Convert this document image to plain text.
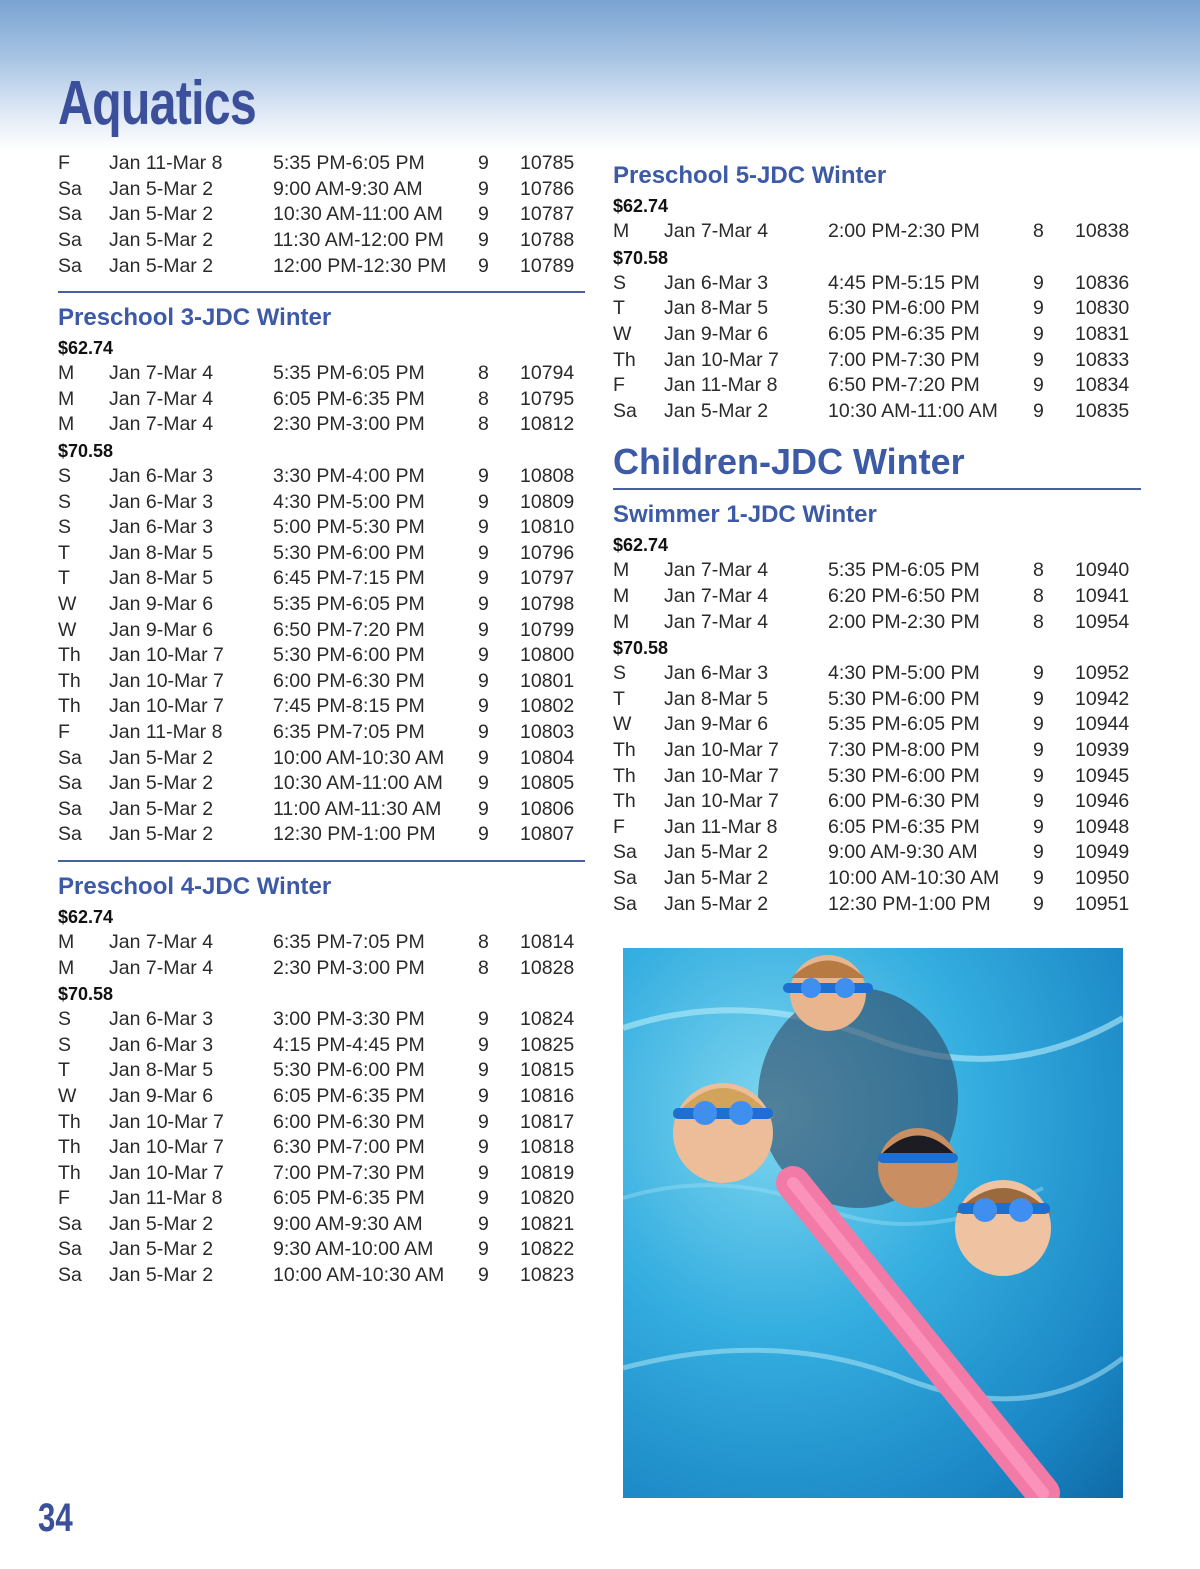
Aquatics
F	Jan 11-Mar 8	5:35 PM-6:05 PM	9	10785
Sa	Jan 5-Mar 2	9:00 AM-9:30 AM	9	10786
Sa	Jan 5-Mar 2	10:30 AM-11:00 AM	9	10787
Sa	Jan 5-Mar 2	11:30 AM-12:00 PM	9	10788
Sa	Jan 5-Mar 2	12:00 PM-12:30 PM	9	10789
Preschool 3-JDC Winter
$62.74
M	Jan 7-Mar 4	5:35 PM-6:05 PM	8	10794
M	Jan 7-Mar 4	6:05 PM-6:35 PM	8	10795
M	Jan 7-Mar 4	2:30 PM-3:00 PM	8	10812
$70.58
S	Jan 6-Mar 3	3:30 PM-4:00 PM	9	10808
S	Jan 6-Mar 3	4:30 PM-5:00 PM	9	10809
S	Jan 6-Mar 3	5:00 PM-5:30 PM	9	10810
T	Jan 8-Mar 5	5:30 PM-6:00 PM	9	10796
T	Jan 8-Mar 5	6:45 PM-7:15 PM	9	10797
W	Jan 9-Mar 6	5:35 PM-6:05 PM	9	10798
W	Jan 9-Mar 6	6:50 PM-7:20 PM	9	10799
Th	Jan 10-Mar 7	5:30 PM-6:00 PM	9	10800
Th	Jan 10-Mar 7	6:00 PM-6:30 PM	9	10801
Th	Jan 10-Mar 7	7:45 PM-8:15 PM	9	10802
F	Jan 11-Mar 8	6:35 PM-7:05 PM	9	10803
Sa	Jan 5-Mar 2	10:00 AM-10:30 AM	9	10804
Sa	Jan 5-Mar 2	10:30 AM-11:00 AM	9	10805
Sa	Jan 5-Mar 2	11:00 AM-11:30 AM	9	10806
Sa	Jan 5-Mar 2	12:30 PM-1:00 PM	9	10807
Preschool 4-JDC Winter
$62.74
M	Jan 7-Mar 4	6:35 PM-7:05 PM	8	10814
M	Jan 7-Mar 4	2:30 PM-3:00 PM	8	10828
$70.58
S	Jan 6-Mar 3	3:00 PM-3:30 PM	9	10824
S	Jan 6-Mar 3	4:15 PM-4:45 PM	9	10825
T	Jan 8-Mar 5	5:30 PM-6:00 PM	9	10815
W	Jan 9-Mar 6	6:05 PM-6:35 PM	9	10816
Th	Jan 10-Mar 7	6:00 PM-6:30 PM	9	10817
Th	Jan 10-Mar 7	6:30 PM-7:00 PM	9	10818
Th	Jan 10-Mar 7	7:00 PM-7:30 PM	9	10819
F	Jan 11-Mar 8	6:05 PM-6:35 PM	9	10820
Sa	Jan 5-Mar 2	9:00 AM-9:30 AM	9	10821
Sa	Jan 5-Mar 2	9:30 AM-10:00 AM	9	10822
Sa	Jan 5-Mar 2	10:00 AM-10:30 AM	9	10823
Preschool 5-JDC Winter
$62.74
M	Jan 7-Mar 4	2:00 PM-2:30 PM	8	10838
$70.58
S	Jan 6-Mar 3	4:45 PM-5:15 PM	9	10836
T	Jan 8-Mar 5	5:30 PM-6:00 PM	9	10830
W	Jan 9-Mar 6	6:05 PM-6:35 PM	9	10831
Th	Jan 10-Mar 7	7:00 PM-7:30 PM	9	10833
F	Jan 11-Mar 8	6:50 PM-7:20 PM	9	10834
Sa	Jan 5-Mar 2	10:30 AM-11:00 AM	9	10835
Children-JDC Winter
Swimmer 1-JDC Winter
$62.74
M	Jan 7-Mar 4	5:35 PM-6:05 PM	8	10940
M	Jan 7-Mar 4	6:20 PM-6:50 PM	8	10941
M	Jan 7-Mar 4	2:00 PM-2:30 PM	8	10954
$70.58
S	Jan 6-Mar 3	4:30 PM-5:00 PM	9	10952
T	Jan 8-Mar 5	5:30 PM-6:00 PM	9	10942
W	Jan 9-Mar 6	5:35 PM-6:05 PM	9	10944
Th	Jan 10-Mar 7	7:30 PM-8:00 PM	9	10939
Th	Jan 10-Mar 7	5:30 PM-6:00 PM	9	10945
Th	Jan 10-Mar 7	6:00 PM-6:30 PM	9	10946
F	Jan 11-Mar 8	6:05 PM-6:35 PM	9	10948
Sa	Jan 5-Mar 2	9:00 AM-9:30 AM	9	10949
Sa	Jan 5-Mar 2	10:00 AM-10:30 AM	9	10950
Sa	Jan 5-Mar 2	12:30 PM-1:00 PM	9	10951

34
